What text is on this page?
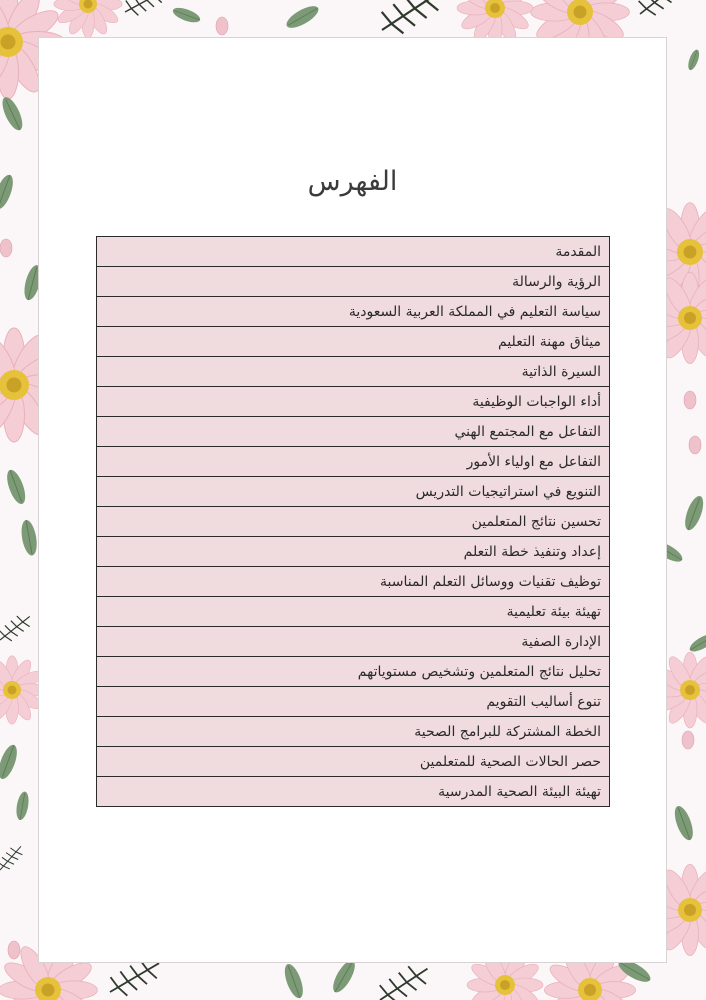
الفهرس
المقدمة
الرؤية والرسالة
سياسة التعليم في المملكة العربية السعودية
ميثاق مهنة التعليم
السيرة الذاتية
أداء الواجبات الوظيفية
التفاعل مع المجتمع الهني
التفاعل مع اولياء الأمور
التنويع في استراتيجيات التدريس
تحسين نتائج المتعلمين
إعداد وتنفيذ خطة التعلم
توظيف تقنيات ووسائل التعلم المناسبة
تهيئة بيئة تعليمية
الإدارة الصفية
تحليل نتائج المتعلمين وتشخيص مستوياتهم
تنوع أساليب التقويم
الخطة المشتركة للبرامج الصحية
حصر الحالات الصحية للمتعلمين
تهيئة البيئة الصحية المدرسية
